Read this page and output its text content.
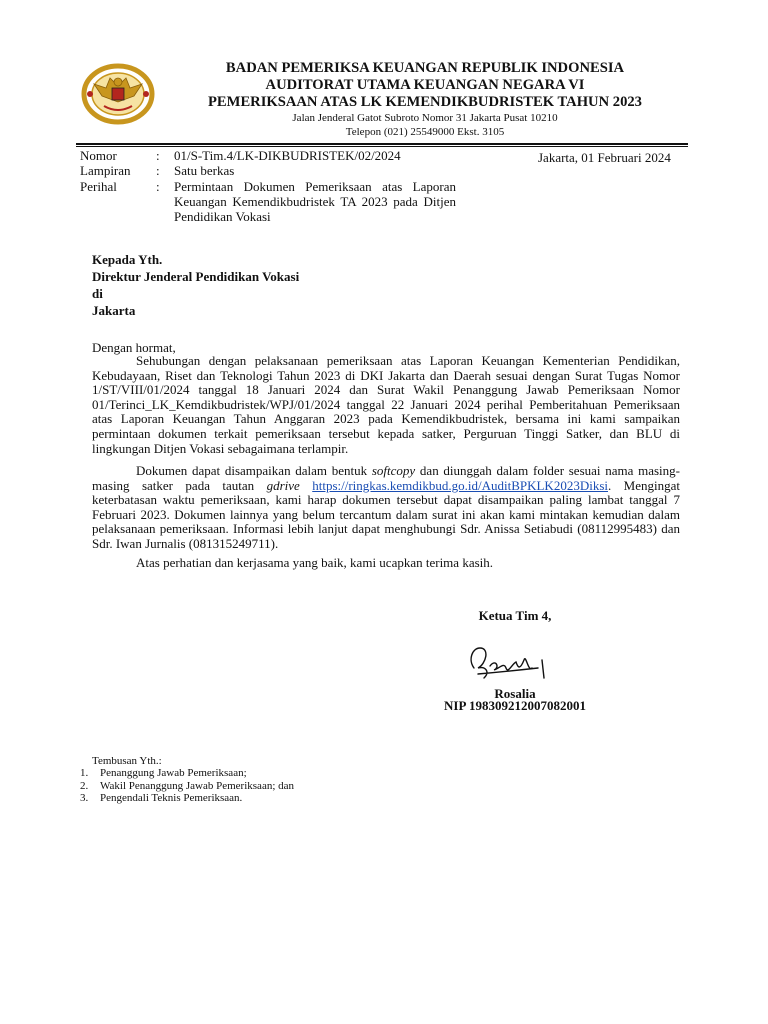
BADAN PEMERIKSA KEUANGAN REPUBLIK INDONESIA
AUDITORAT UTAMA KEUANGAN NEGARA VI
PEMERIKSAAN ATAS LK KEMENDIKBUDRISTEK TAHUN 2023
Jalan Jenderal Gatot Subroto Nomor 31 Jakarta Pusat 10210
Telepon (021) 25549000 Ekst. 3105
Nomor	: 01/S-Tim.4/LK-DIKBUDRISTEK/02/2024
Lampiran : Satu berkas
Perihal	: Permintaan Dokumen Pemeriksaan atas Laporan Keuangan Kemendikbudristek TA 2023 pada Ditjen Pendidikan Vokasi
Jakarta, 01 Februari 2024
Kepada Yth.
Direktur Jenderal Pendidikan Vokasi
di
Jakarta
Dengan hormat,
Sehubungan dengan pelaksanaan pemeriksaan atas Laporan Keuangan Kementerian Pendidikan, Kebudayaan, Riset dan Teknologi Tahun 2023 di DKI Jakarta dan Daerah sesuai dengan Surat Tugas Nomor 1/ST/VIII/01/2024 tanggal 18 Januari 2024 dan Surat Wakil Penanggung Jawab Pemeriksaan Nomor 01/Terinci_LK_Kemdikbudristek/WPJ/01/2024 tanggal 22 Januari 2024 perihal Pemberitahuan Pemeriksaan atas Laporan Keuangan Tahun Anggaran 2023 pada Kemendikbudristek, bersama ini kami sampaikan permintaan dokumen terkait pemeriksaan tersebut kepada satker, Perguruan Tinggi Satker, dan BLU di lingkungan Ditjen Vokasi sebagaimana terlampir.
Dokumen dapat disampaikan dalam bentuk softcopy dan diunggah dalam folder sesuai nama masing-masing satker pada tautan gdrive https://ringkas.kemdikbud.go.id/AuditBPKLK2023Diksi. Mengingat keterbatasan waktu pemeriksaan, kami harap dokumen tersebut dapat disampaikan paling lambat tanggal 7 Februari 2023. Dokumen lainnya yang belum tercantum dalam surat ini akan kami mintakan kemudian dalam pelaksanaan pemeriksaan. Informasi lebih lanjut dapat menghubungi Sdr. Anissa Setiabudi (08112995483) dan Sdr. Iwan Jurnalis (081315249711).
Atas perhatian dan kerjasama yang baik, kami ucapkan terima kasih.
Ketua Tim 4,
Rosalia
NIP 198309212007082001
Tembusan Yth.:
1. Penanggung Jawab Pemeriksaan;
2. Wakil Penanggung Jawab Pemeriksaan; dan
3. Pengendali Teknis Pemeriksaan.
